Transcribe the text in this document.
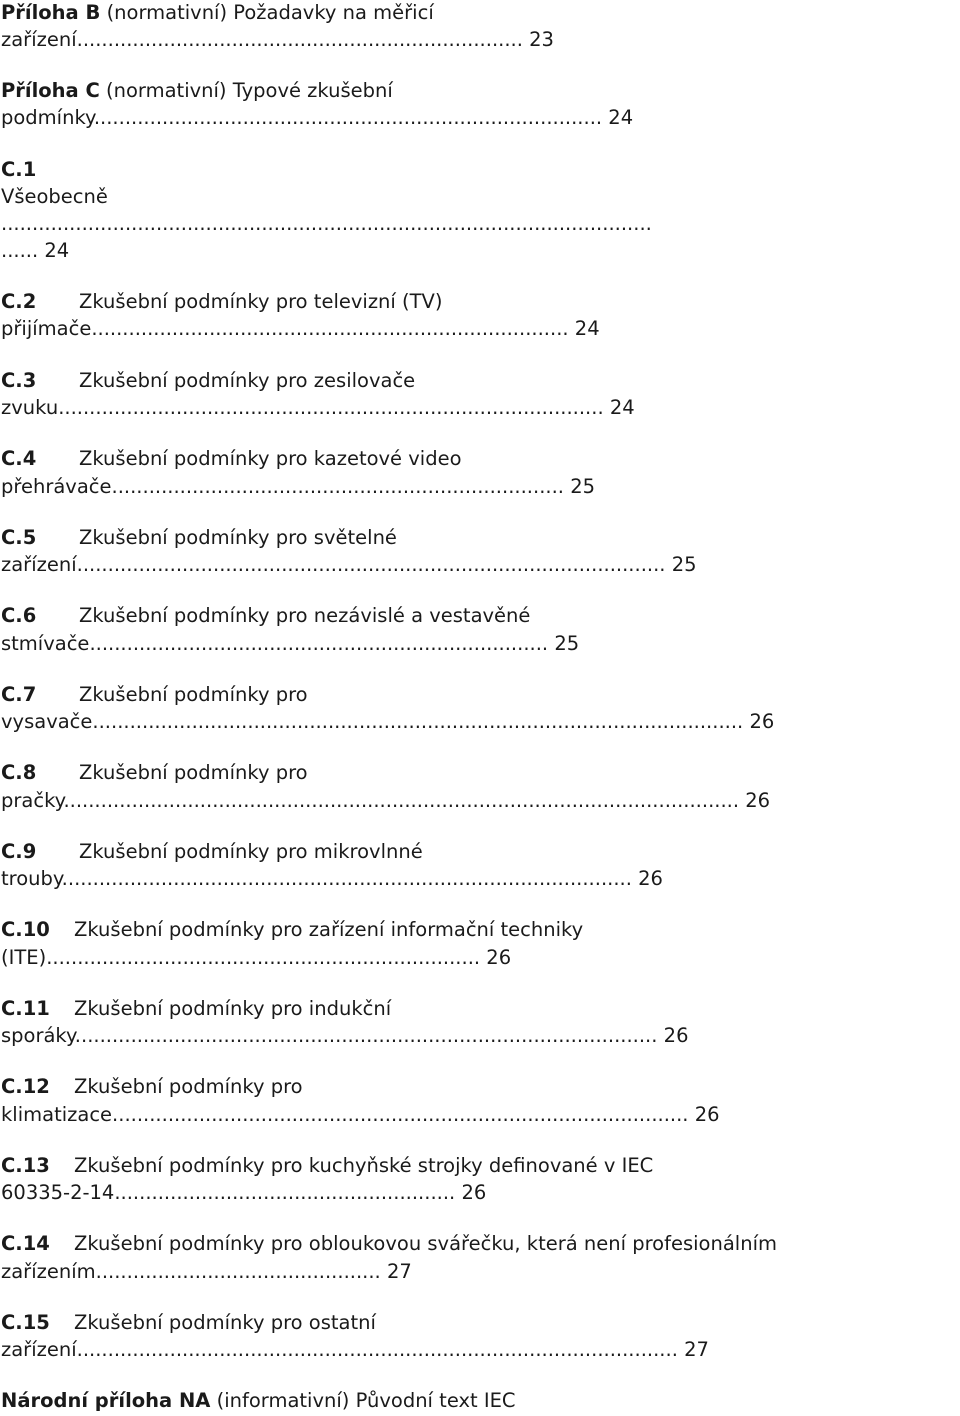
Příloha B (normativní) Požadavky na měřicí
zařízení........................................................................ 23
Příloha C (normativní) Typové zkušební
podmínky.................................................................................. 24
C.1
Všeobecně
.........................................................................................................
...... 24
C.2 Zkušební podmínky pro televizní (TV)
přijímače............................................................................. 24
C.3 Zkušební podmínky pro zesilovače
zvuku........................................................................................ 24
C.4 Zkušební podmínky pro kazetové video
přehrávače......................................................................... 25
C.5 Zkušební podmínky pro světelné
zařízení............................................................................................... 25
C.6 Zkušební podmínky pro nezávislé a vestavěné
stmívače.......................................................................... 25
C.7 Zkušební podmínky pro
vysavače......................................................................................................... 26
C.8 Zkušební podmínky pro
pračky............................................................................................................. 26
C.9 Zkušební podmínky pro mikrovlnné
trouby............................................................................................ 26
C.10 Zkušební podmínky pro zařízení informační techniky
(ITE)...................................................................... 26
C.11 Zkušební podmínky pro indukční
sporáky.............................................................................................. 26
C.12 Zkušební podmínky pro
klimatizace............................................................................................. 26
C.13 Zkušební podmínky pro kuchyňské strojky definované v IEC
60335-2-14....................................................... 26
C.14 Zkušební podmínky pro obloukovou svářečku, která není profesionálním
zařízením.............................................. 27
C.15 Zkušební podmínky pro ostatní
zařízení................................................................................................. 27
Národní příloha NA (informativní) Původní text IEC
